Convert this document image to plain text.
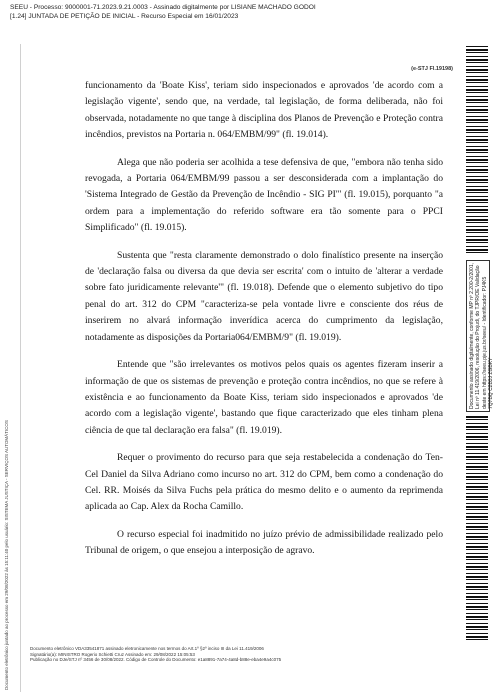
SEEU - Processo: 9000001-71.2023.9.21.0003 - Assinado digitalmente por LISIANE MACHADO GODOI
[1.24] JUNTADA DE PETIÇÃO DE INICIAL - Recurso Especial em 16/01/2023
(e-STJ Fl.19198)

funcionamento da 'Boate Kiss', teriam sido inspecionados e aprovados 'de acordo com a legislação vigente', sendo que, na verdade, tal legislação, de forma deliberada, não foi observada, notadamente no que tange à disciplina dos Planos de Prevenção e Proteção contra incêndios, previstos na Portaria n. 064/EMBM/99" (fl. 19.014).

Alega que não poderia ser acolhida a tese defensiva de que, "embora não tenha sido revogada, a Portaria 064/EMBM/99 passou a ser desconsiderada com a implantação do 'Sistema Integrado de Gestão da Prevenção de Incêndio - SIG PI'" (fl. 19.015), porquanto "a ordem para a implementação do referido software era tão somente para o PPCI Simplificado" (fl. 19.015).

Sustenta que "resta claramente demonstrado o dolo finalístico presente na inserção de 'declaração falsa ou diversa da que devia ser escrita' com o intuito de 'alterar a verdade sobre fato juridicamente relevante'" (fl. 19.018). Defende que o elemento subjetivo do tipo penal do art. 312 do CPM "caracteriza-se pela vontade livre e consciente dos réus de inserirem no alvará informação inverídica acerca do cumprimento da legislação, notadamente as disposições da Portaria064/EMBM/9" (fl. 19.019).

Entende que "são irrelevantes os motivos pelos quais os agentes fizeram inserir a informação de que os sistemas de prevenção e proteção contra incêndios, no que se refere à existência e ao funcionamento da Boate Kiss, teriam sido inspecionados e aprovados 'de acordo com a legislação vigente', bastando que fique caracterizado que eles tinham plena ciência de que tal declaração era falsa" (fl. 19.019).

Requer o provimento do recurso para que seja restabelecida a condenação do Ten-Cel Daniel da Silva Adriano como incurso no art. 312 do CPM, bem como a condenação do Cel. RR. Moisés da Silva Fuchs pela prática do mesmo delito e o aumento da reprimenda aplicada ao Cap. Alex da Rocha Camillo.

O recurso especial foi inadmitido no juízo prévio de admissibilidade realizado pelo Tribunal de origem, o que ensejou a interposição de agravo.

Documento eletrônico juntado ao processo em 29/08/2022 às 15:11:40 pelo usuário: SISTEMA JUSTIÇA - SERVIÇOS AUTOMÁTICOS
Documento assinado digitalmente, conforme MP nº 2.200-2/2001, Lei nº 11.419/2006, resolução do Projudi, do TJPR/OE Validação deste em https://seeu.pje.jus.br/seeu/ - Identificador: PJ4K5 7Q7BQ C2B3J ZGBKY
Documento eletrônico VDA33541871 assinado eletronicamente nos termos do Art.1º §2º inciso III da Lei 11.419/2006
Signatário(a): MINISTRO Rogerio Schietti Cruz Assinado em: 29/08/2022 15:05:53
Publicação no DJe/STJ nº 3456 de 30/08/2022. Código de Controle do Documento: e1a8891-7a74-4a8d-b88e-eba4e9a4c075
